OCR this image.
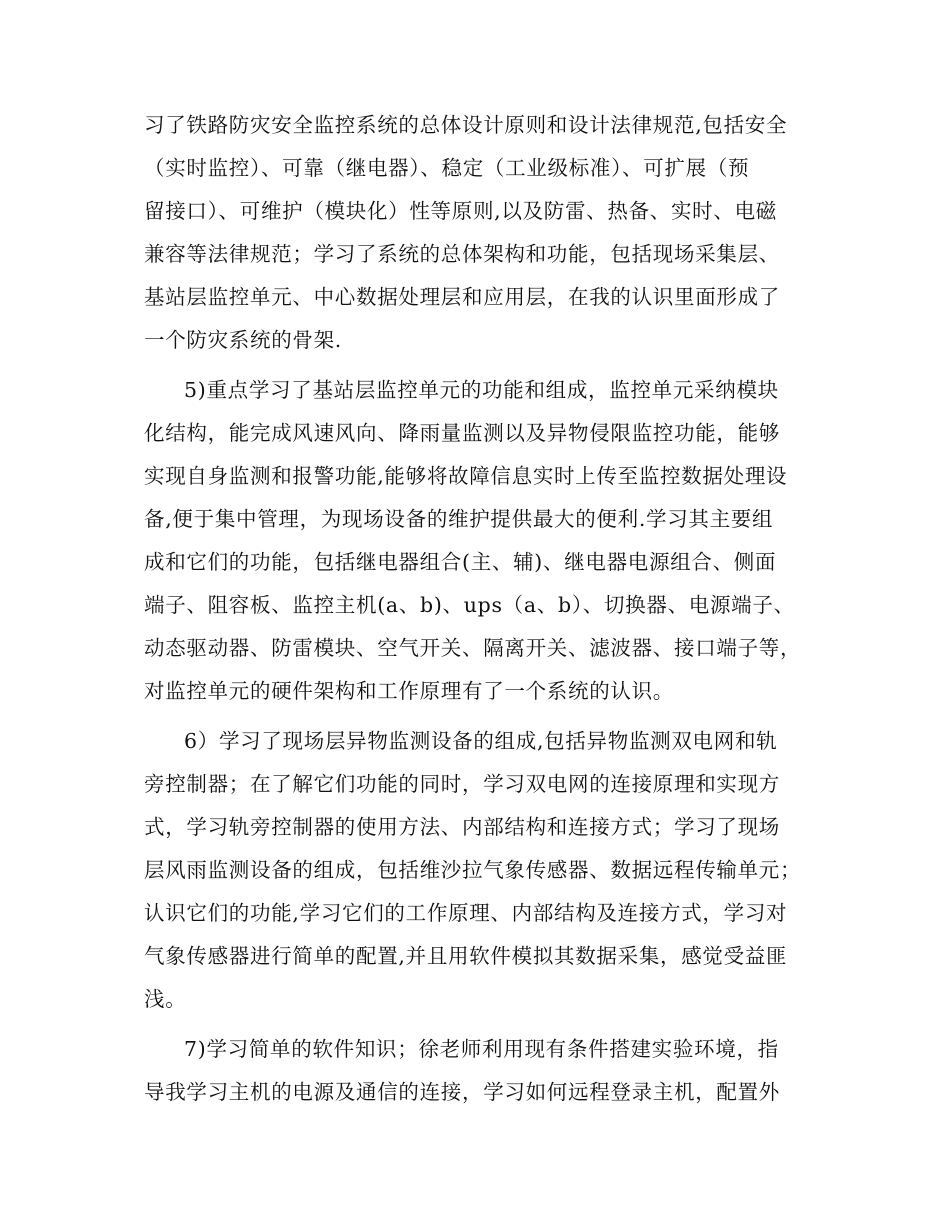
习了铁路防灾安全监控系统的总体设计原则和设计法律规范,包括安全
（实时监控）、可靠（继电器）、稳定（工业级标准）、可扩展（预
留接口）、可维护（模块化）性等原则,以及防雷、热备、实时、电磁
兼容等法律规范；学习了系统的总体架构和功能，包括现场采集层、
基站层监控单元、中心数据处理层和应用层，在我的认识里面形成了
一个防灾系统的骨架.
5)重点学习了基站层监控单元的功能和组成，监控单元采纳模块
化结构，能完成风速风向、降雨量监测以及异物侵限监控功能，能够
实现自身监测和报警功能,能够将故障信息实时上传至监控数据处理设
备,便于集中管理，为现场设备的维护提供最大的便利.学习其主要组
成和它们的功能，包括继电器组合(主、辅)、继电器电源组合、侧面
端子、阻容板、监控主机(a、b)、ups（a、b）、切换器、电源端子、
动态驱动器、防雷模块、空气开关、隔离开关、滤波器、接口端子等，
对监控单元的硬件架构和工作原理有了一个系统的认识。
6）学习了现场层异物监测设备的组成,包括异物监测双电网和轨
旁控制器；在了解它们功能的同时，学习双电网的连接原理和实现方
式，学习轨旁控制器的使用方法、内部结构和连接方式；学习了现场
层风雨监测设备的组成，包括维沙拉气象传感器、数据远程传输单元；
认识它们的功能,学习它们的工作原理、内部结构及连接方式，学习对
气象传感器进行简单的配置,并且用软件模拟其数据采集，感觉受益匪
浅。
7)学习简单的软件知识；徐老师利用现有条件搭建实验环境，指
导我学习主机的电源及通信的连接，学习如何远程登录主机，配置外
